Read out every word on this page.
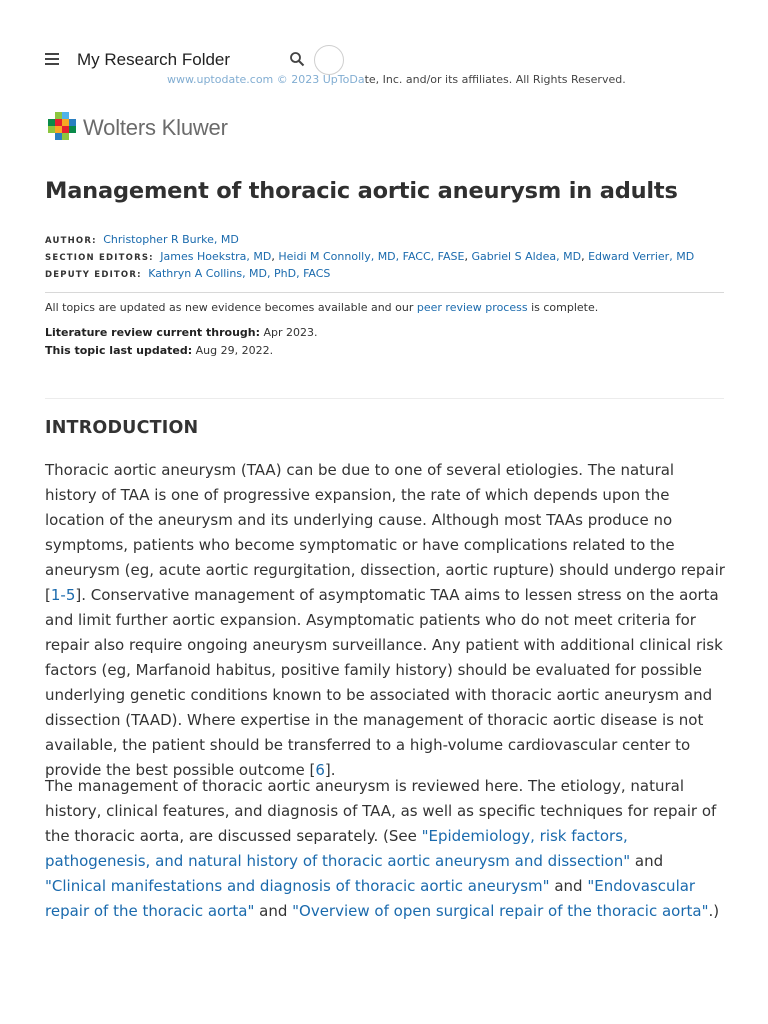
My Research Folder
www.uptodate.com © 2023 UpToDate, Inc. and/or its affiliates. All Rights Reserved.
Wolters Kluwer
Management of thoracic aortic aneurysm in adults
AUTHOR: Christopher R Burke, MD
SECTION EDITORS: James Hoekstra, MD, Heidi M Connolly, MD, FACC, FASE, Gabriel S Aldea, MD, Edward Verrier, MD
DEPUTY EDITOR: Kathryn A Collins, MD, PhD, FACS
All topics are updated as new evidence becomes available and our peer review process is complete.
Literature review current through: Apr 2023.
This topic last updated: Aug 29, 2022.
INTRODUCTION

Thoracic aortic aneurysm (TAA) can be due to one of several etiologies. The natural history of TAA is one of progressive expansion, the rate of which depends upon the location of the aneurysm and its underlying cause. Although most TAAs produce no symptoms, patients who become symptomatic or have complications related to the aneurysm (eg, acute aortic regurgitation, dissection, aortic rupture) should undergo repair [1-5]. Conservative management of asymptomatic TAA aims to lessen stress on the aorta and limit further aortic expansion. Asymptomatic patients who do not meet criteria for repair also require ongoing aneurysm surveillance. Any patient with additional clinical risk factors (eg, Marfanoid habitus, positive family history) should be evaluated for possible underlying genetic conditions known to be associated with thoracic aortic aneurysm and dissection (TAAD). Where expertise in the management of thoracic aortic disease is not available, the patient should be transferred to a high-volume cardiovascular center to provide the best possible outcome [6].

The management of thoracic aortic aneurysm is reviewed here. The etiology, natural history, clinical features, and diagnosis of TAA, as well as specific techniques for repair of the thoracic aorta, are discussed separately. (See "Epidemiology, risk factors, pathogenesis, and natural history of thoracic aortic aneurysm and dissection" and "Clinical manifestations and diagnosis of thoracic aortic aneurysm" and "Endovascular repair of the thoracic aorta" and "Overview of open surgical repair of the thoracic aorta".)
